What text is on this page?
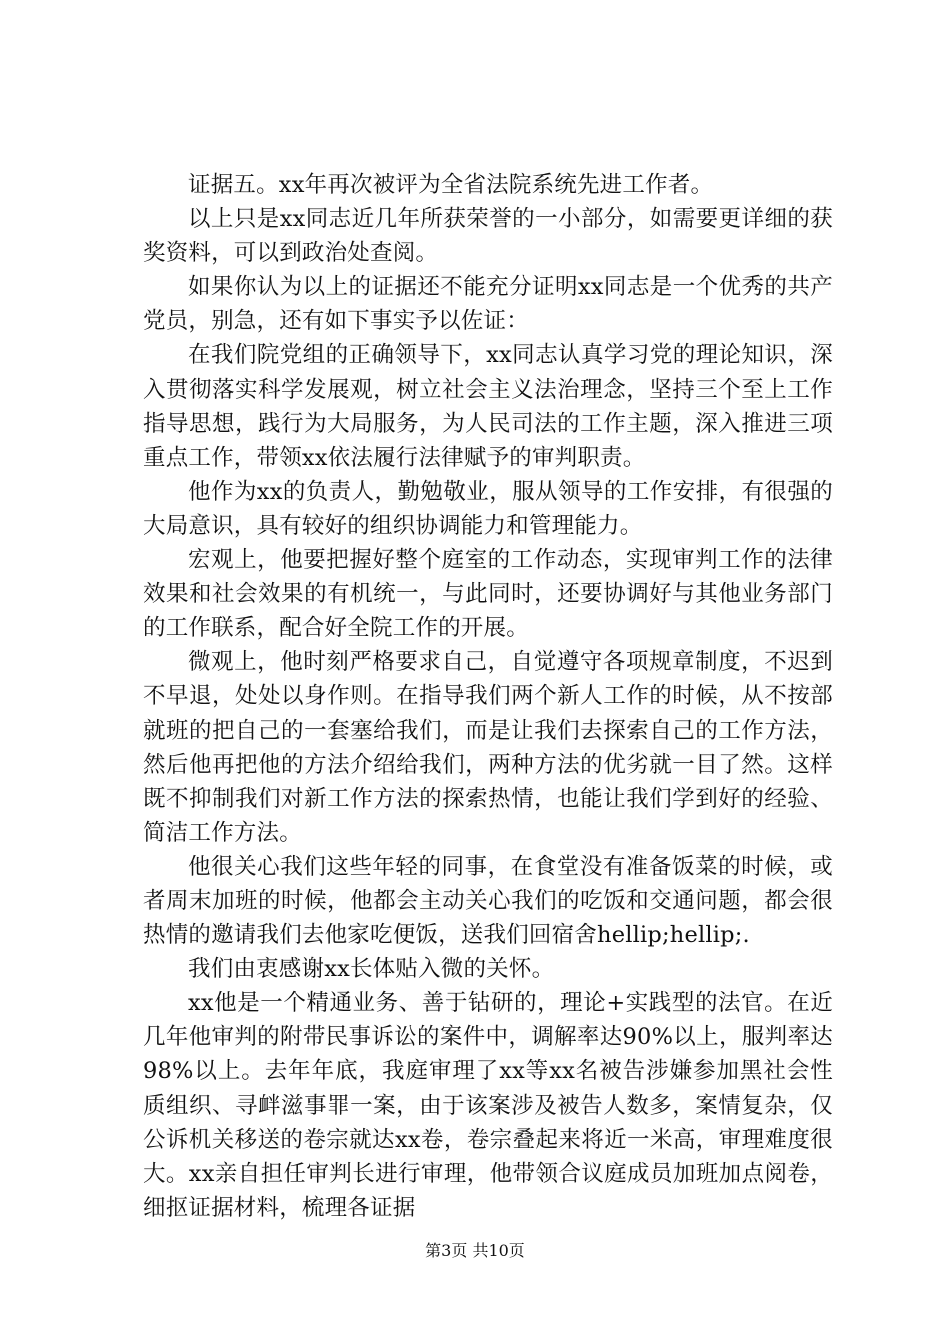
证据五。xx年再次被评为全省法院系统先进工作者。

以上只是xx同志近几年所获荣誉的一小部分，如需要更详细的获奖资料，可以到政治处查阅。

如果你认为以上的证据还不能充分证明xx同志是一个优秀的共产党员，别急，还有如下事实予以佐证：

在我们院党组的正确领导下，xx同志认真学习党的理论知识，深入贯彻落实科学发展观，树立社会主义法治理念，坚持三个至上工作指导思想，践行为大局服务，为人民司法的工作主题，深入推进三项重点工作，带领xx依法履行法律赋予的审判职责。

他作为xx的负责人，勤勉敬业，服从领导的工作安排，有很强的大局意识，具有较好的组织协调能力和管理能力。

宏观上，他要把握好整个庭室的工作动态，实现审判工作的法律效果和社会效果的有机统一，与此同时，还要协调好与其他业务部门的工作联系，配合好全院工作的开展。

微观上，他时刻严格要求自己，自觉遵守各项规章制度，不迟到不早退，处处以身作则。在指导我们两个新人工作的时候，从不按部就班的把自己的一套塞给我们，而是让我们去探索自己的工作方法，然后他再把他的方法介绍给我们，两种方法的优劣就一目了然。这样既不抑制我们对新工作方法的探索热情，也能让我们学到好的经验、简洁工作方法。

他很关心我们这些年轻的同事，在食堂没有准备饭菜的时候，或者周末加班的时候，他都会主动关心我们的吃饭和交通问题，都会很热情的邀请我们去他家吃便饭，送我们回宿舍hellip;hellip;.

我们由衷感谢xx长体贴入微的关怀。

xx他是一个精通业务、善于钻研的，理论+实践型的法官。在近几年他审判的附带民事诉讼的案件中，调解率达90%以上，服判率达98%以上。去年年底，我庭审理了xx等xx名被告涉嫌参加黑社会性质组织、寻衅滋事罪一案，由于该案涉及被告人数多，案情复杂，仅公诉机关移送的卷宗就达xx卷，卷宗叠起来将近一米高，审理难度很大。xx亲自担任审判长进行审理，他带领合议庭成员加班加点阅卷，细抠证据材料，梳理各证据

第3页 共10页
